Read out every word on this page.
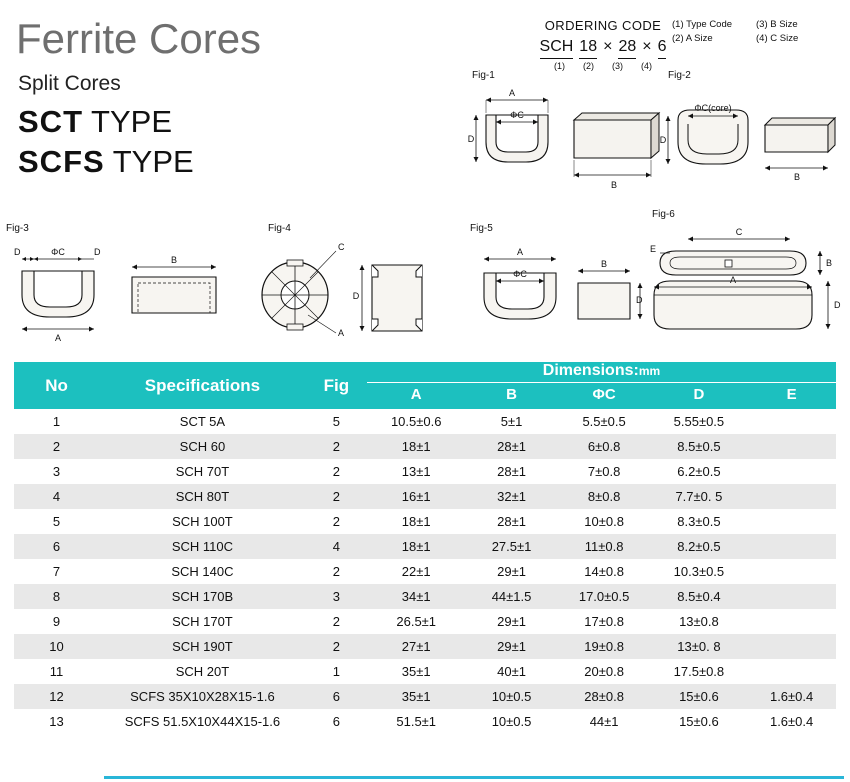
Ferrite Cores
Split Cores
SCT TYPE
SCFS TYPE
ORDERING CODE
SCH 18 × 28 × 6
(1) (2) (3) (4)
(1) Type Code	(3) B Size
(2) A Size	(4) C Size
Fig-1
A
ΦC
D
B
Fig-2
ΦC(core)
D
B
Fig-3
D	ΦC	D
A
B
Fig-4
C
A
D
Fig-5
A
ΦC
B
D
Fig-6
C
E
B
A
D
No	Specifications	Fig	Dimensions:mm				
			A	B	ΦC	D	E
1	SCT 5A	5	10.5±0.6	5±1	5.5±0.5	5.55±0.5	
2	SCH 60	2	18±1	28±1	6±0.8	8.5±0.5	
3	SCH 70T	2	13±1	28±1	7±0.8	6.2±0.5	
4	SCH 80T	2	16±1	32±1	8±0.8	7.7±0. 5	
5	SCH 100T	2	18±1	28±1	10±0.8	8.3±0.5	
6	SCH 110C	4	18±1	27.5±1	11±0.8	8.2±0.5	
7	SCH 140C	2	22±1	29±1	14±0.8	10.3±0.5	
8	SCH 170B	3	34±1	44±1.5	17.0±0.5	8.5±0.4	
9	SCH 170T	2	26.5±1	29±1	17±0.8	13±0.8	
10	SCH 190T	2	27±1	29±1	19±0.8	13±0. 8	
11	SCH 20T	1	35±1	40±1	20±0.8	17.5±0.8	
12	SCFS 35X10X28X15-1.6	6	35±1	10±0.5	28±0.8	15±0.6	1.6±0.4
13	SCFS 51.5X10X44X15-1.6	6	51.5±1	10±0.5	44±1	15±0.6	1.6±0.4
